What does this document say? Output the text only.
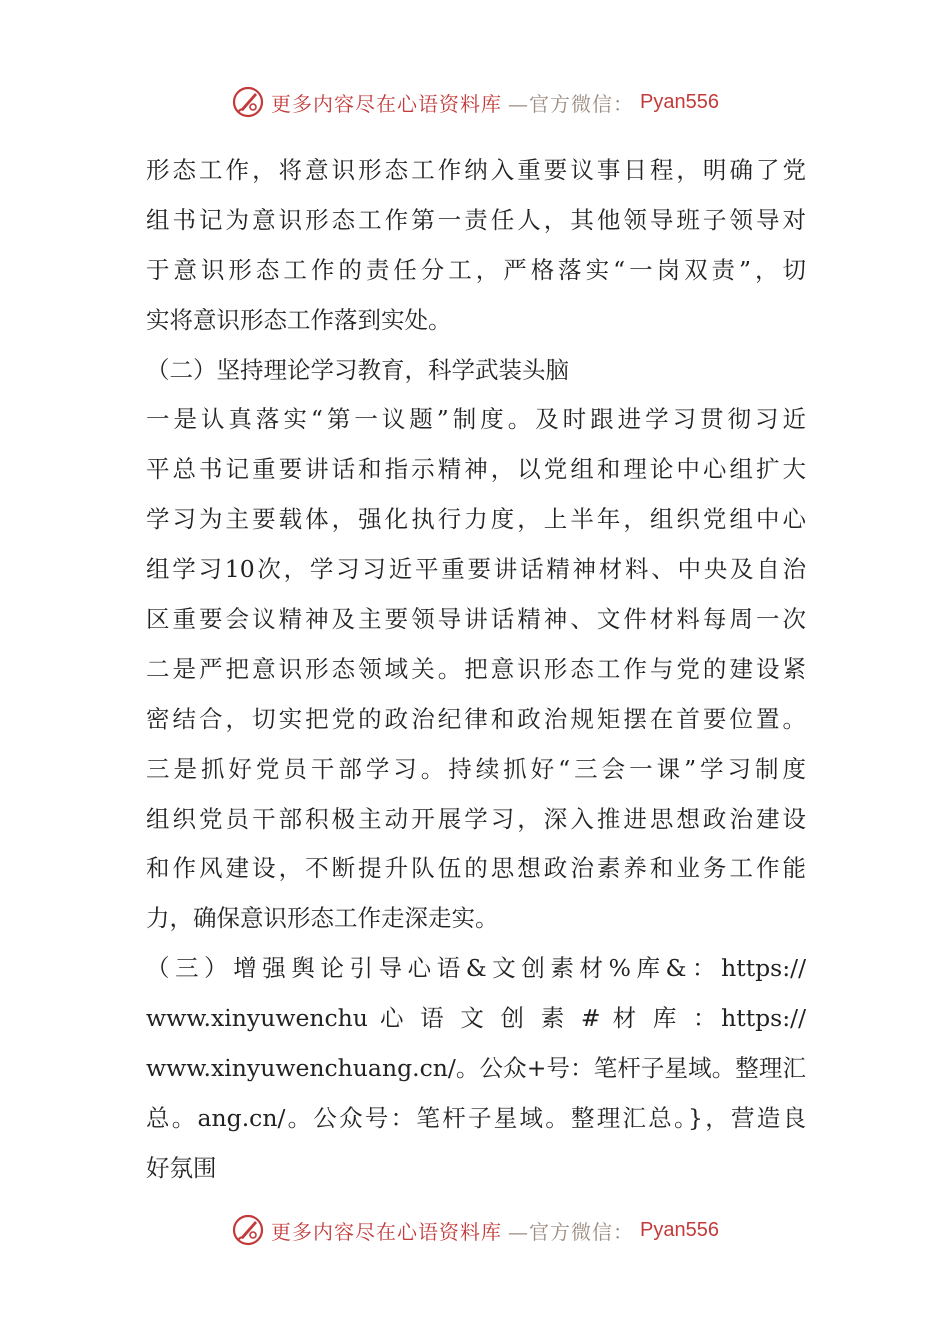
更多内容尽在心语资料库 —官方微信： Pyan556
形态工作，将意识形态工作纳入重要议事日程，明确了党
组书记为意识形态工作第一责任人，其他领导班子领导对
于意识形态工作的责任分工，严格落实“一岗双责”，切
实将意识形态工作落到实处。
（二）坚持理论学习教育，科学武装头脑
一是认真落实“第一议题”制度。及时跟进学习贯彻习近
平总书记重要讲话和指示精神，以党组和理论中心组扩大
学习为主要载体，强化执行力度，上半年，组织党组中心
组学习10次，学习习近平重要讲话精神材料、中央及自治
区重要会议精神及主要领导讲话精神、文件材料每周一次
二是严把意识形态领域关。把意识形态工作与党的建设紧
密结合，切实把党的政治纪律和政治规矩摆在首要位置。
三是抓好党员干部学习。持续抓好“三会一课”学习制度
组织党员干部积极主动开展学习，深入推进思想政治建设
和作风建设，不断提升队伍的思想政治素养和业务工作能
力，确保意识形态工作走深走实。
（三）增强舆论引导心语&文创素材%库&：https://
www.xinyuwenchu 心 语 文 创 素 # 材 库 ：https://
www.xinyuwenchuang.cn/。公众+号：笔杆子星域。整理汇
总。ang.cn/。公众号：笔杆子星域。整理汇总。}，营造良
好氛围
更多内容尽在心语资料库 —官方微信： Pyan556
